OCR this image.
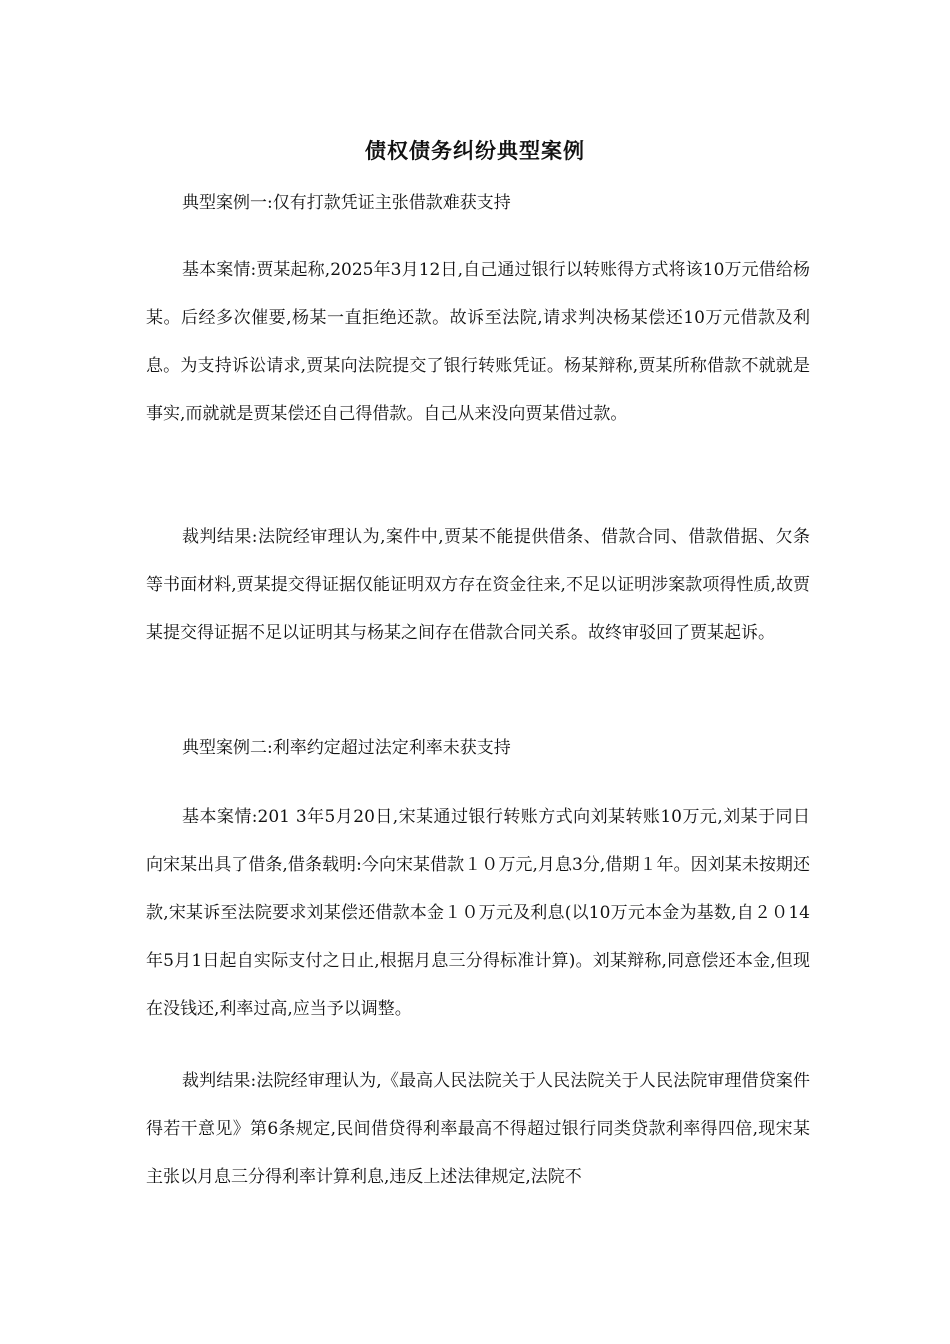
债权债务纠纷典型案例

典型案例一:仅有打款凭证主张借款难获支持

基本案情:贾某起称,2025年3月12日,自己通过银行以转账得方式将该10万元借给杨某。后经多次催要,杨某一直拒绝还款。故诉至法院,请求判决杨某偿还10万元借款及利息。为支持诉讼请求,贾某向法院提交了银行转账凭证。杨某辩称,贾某所称借款不就就是事实,而就就是贾某偿还自己得借款。自己从来没向贾某借过款。

裁判结果:法院经审理认为,案件中,贾某不能提供借条、借款合同、借款借据、欠条等书面材料,贾某提交得证据仅能证明双方存在资金往来,不足以证明涉案款项得性质,故贾某提交得证据不足以证明其与杨某之间存在借款合同关系。故终审驳回了贾某起诉。

典型案例二:利率约定超过法定利率未获支持

基本案情:201 3年5月20日,宋某通过银行转账方式向刘某转账10万元,刘某于同日向宋某出具了借条,借条载明:今向宋某借款１０万元,月息3分,借期１年。因刘某未按期还款,宋某诉至法院要求刘某偿还借款本金１０万元及利息(以10万元本金为基数,自２０14年5月1日起自实际支付之日止,根据月息三分得标准计算)。刘某辩称,同意偿还本金,但现在没钱还,利率过高,应当予以调整。

裁判结果:法院经审理认为,《最高人民法院关于人民法院关于人民法院审理借贷案件得若干意见》第6条规定,民间借贷得利率最高不得超过银行同类贷款利率得四倍,现宋某主张以月息三分得利率计算利息,违反上述法律规定,法院不
